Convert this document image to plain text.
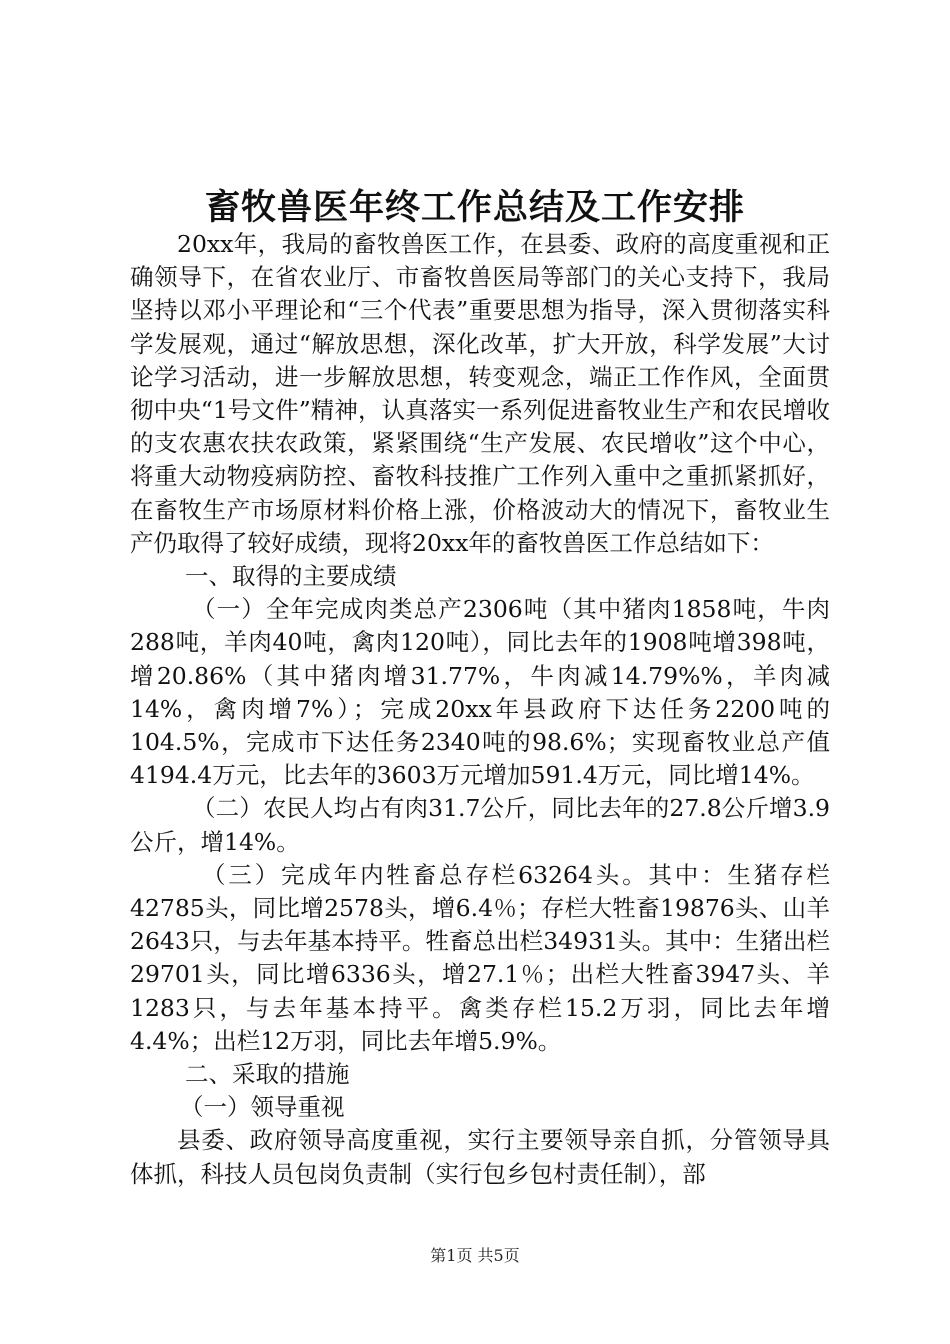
畜牧兽医年终工作总结及工作安排

20xx年，我局的畜牧兽医工作，在县委、政府的高度重视和正确领导下，在省农业厅、市畜牧兽医局等部门的关心支持下，我局坚持以邓小平理论和“三个代表”重要思想为指导，深入贯彻落实科学发展观，通过“解放思想，深化改革，扩大开放，科学发展”大讨论学习活动，进一步解放思想，转变观念，端正工作作风，全面贯彻中央“1号文件”精神，认真落实一系列促进畜牧业生产和农民增收的支农惠农扶农政策，紧紧围绕“生产发展、农民增收”这个中心，将重大动物疫病防控、畜牧科技推广工作列入重中之重抓紧抓好，在畜牧生产市场原材料价格上涨，价格波动大的情况下，畜牧业生产仍取得了较好成绩，现将20xx年的畜牧兽医工作总结如下：

一、取得的主要成绩

（一）全年完成肉类总产2306吨（其中猪肉1858吨，牛肉288吨，羊肉40吨，禽肉120吨），同比去年的1908吨增398吨，增20.86%（其中猪肉增31.77%，牛肉减14.79%%，羊肉减14%，禽肉增7%）；完成20xx年县政府下达任务2200吨的104.5%，完成市下达任务2340吨的98.6%；实现畜牧业总产值4194.4万元，比去年的3603万元增加591.4万元，同比增14%。

（二）农民人均占有肉31.7公斤，同比去年的27.8公斤增3.9公斤，增14%。

（三）完成年内牲畜总存栏63264头。其中：生猪存栏42785头，同比增2578头，增6.4％；存栏大牲畜19876头、山羊2643只，与去年基本持平。牲畜总出栏34931头。其中：生猪出栏29701头，同比增6336头，增27.1％；出栏大牲畜3947头、羊1283只，与去年基本持平。禽类存栏15.2万羽，同比去年增4.4%；出栏12万羽，同比去年增5.9%。

二、采取的措施

（一）领导重视

县委、政府领导高度重视，实行主要领导亲自抓，分管领导具体抓，科技人员包岗负责制（实行包乡包村责任制），部

第1页 共5页
